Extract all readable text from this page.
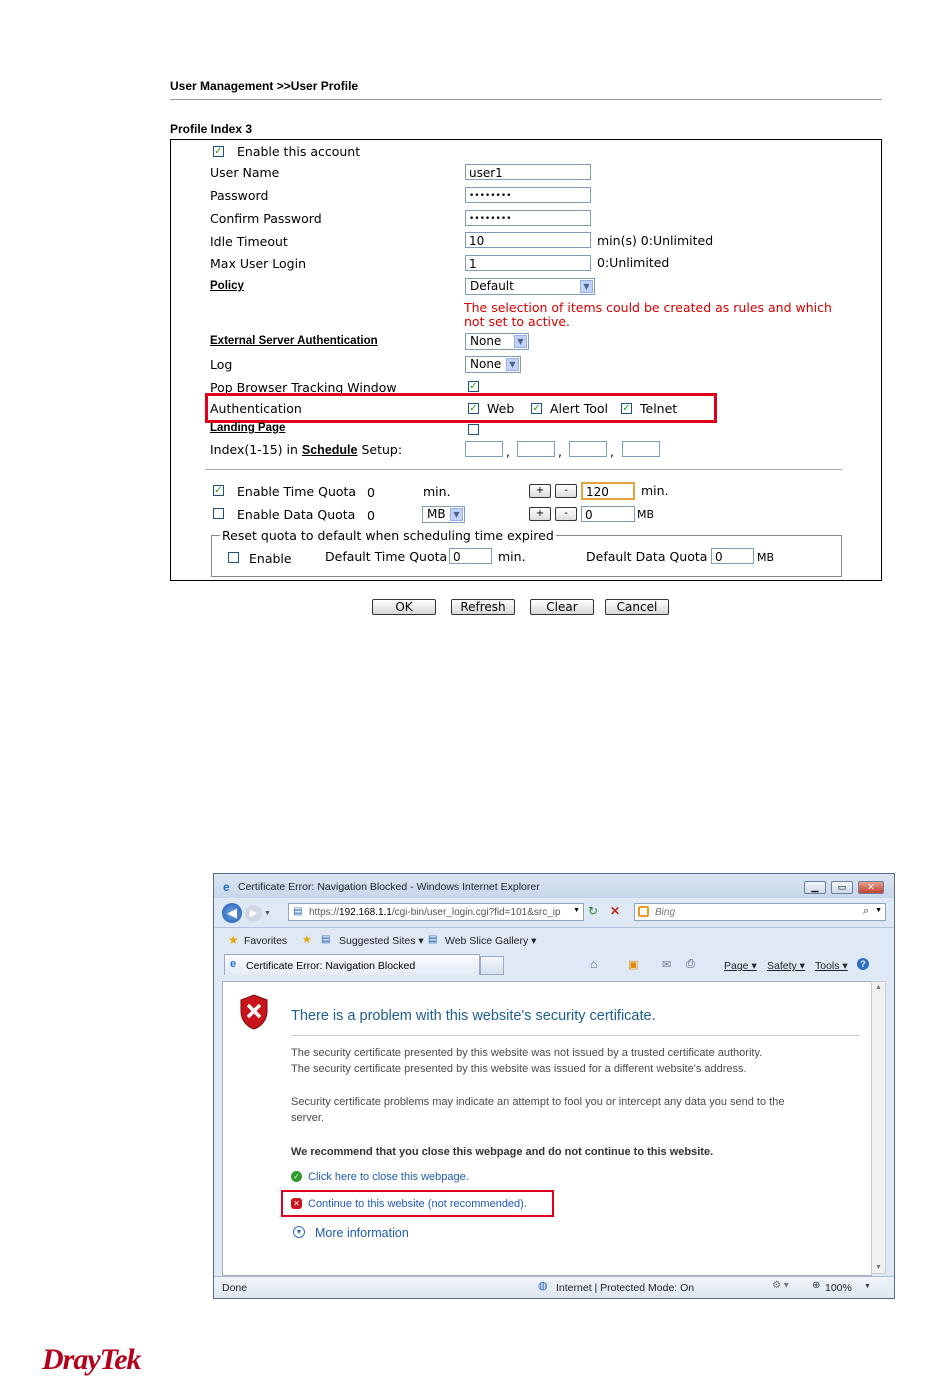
User Management >>User Profile
Profile Index 3
✓ Enable this account
User Name	user1
Password	••••••••
Confirm Password	••••••••
Idle Timeout	10	min(s) 0:Unlimited
Max User Login	1	0:Unlimited
Policy	Default	▼
The selection of items could be created as rules and which
not set to active.
External Server Authentication	None	▼
Log	None	▼
Pop Browser Tracking Window	✓
Authentication	✓ Web ✓ Alert Tool ✓ Telnet
Landing Page
Index(1-15) in Schedule Setup:	,	,	,
✓ Enable Time Quota 0	min.	+	-	120	min.
Enable Data Quota 0	MB ▼	+	-	0	MB
Reset quota to default when scheduling time expired
Enable	Default Time Quota 0	min.	Default Data Quota 0	MB
OK	Refresh	Clear	Cancel
e Certificate Error: Navigation Blocked - Windows Internet Explorer	▁	▭	✕
◀	▶ ▼ ▤ https://192.168.1.1/cgi-bin/user_login.cgi?fid=101&src_ip ▼ ↻ ✕	Bing	⌕ ▼
★ Favorites ★ ▤ Suggested Sites ▾ ▤ Web Slice Gallery ▾
e Certificate Error: Navigation Blocked	⌂	▣ ✉ ⎙	Page ▾ Safety ▾ Tools ▾	?
There is a problem with this website's security certificate.
The security certificate presented by this website was not issued by a trusted certificate authority.
The security certificate presented by this website was issued for a different website's address.
Security certificate problems may indicate an attempt to fool you or intercept any data you send to the
server.
We recommend that you close this webpage and do not continue to this website.
✓ Click here to close this webpage.
✕ Continue to this website (not recommended).
▼ More information
▲
▼
Done	◍ Internet | Protected Mode: On	⚙ ▾ ⊕ 100% ▼
DrayTek
